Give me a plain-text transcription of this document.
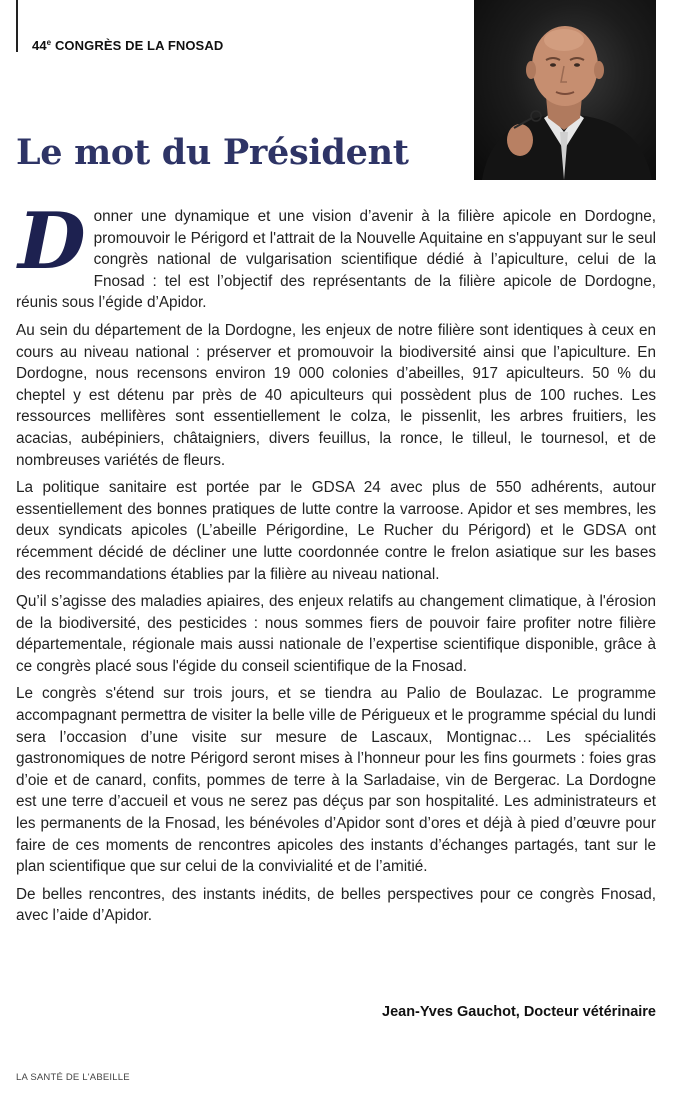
44e CONGRÈS DE LA FNOSAD
Le mot du Président

Donner une dynamique et une vision d’avenir à la filière apicole en Dordogne, promouvoir le Périgord et l'attrait de la Nouvelle Aquitaine en s'appuyant sur le seul congrès national de vulgarisation scientifique dédié à l’apiculture, celui de la Fnosad : tel est l’objectif des représentants de la filière apicole de Dordogne, réunis sous l’égide d’Apidor.

Au sein du département de la Dordogne, les enjeux de notre filière sont identiques à ceux en cours au niveau national : préserver et promouvoir la biodiversité ainsi que l’apiculture. En Dordogne, nous recensons environ 19 000 colonies d’abeilles, 917 apiculteurs. 50 % du cheptel y est détenu par près de 40 apiculteurs qui possèdent plus de 100 ruches. Les ressources mellifères sont essentiellement le colza, le pissenlit, les arbres fruitiers, les acacias, aubépiniers, châtaigniers, divers feuillus, la ronce, le tilleul, le tournesol, et de nombreuses variétés de fleurs.

La politique sanitaire est portée par le GDSA 24 avec plus de 550 adhérents, autour essentiellement des bonnes pratiques de lutte contre la varroose. Apidor et ses membres, les deux syndicats apicoles (L’abeille Périgordine, Le Rucher du Périgord) et le GDSA ont récemment décidé de décliner une lutte coordonnée contre le frelon asiatique sur les bases des recommandations établies par la filière au niveau national.

Qu’il s’agisse des maladies apiaires, des enjeux relatifs au changement climatique, à l'érosion de la biodiversité, des pesticides : nous sommes fiers de pouvoir faire profiter notre filière départementale, régionale mais aussi nationale de l’expertise scientifique disponible, grâce à ce congrès placé sous l'égide du conseil scientifique de la Fnosad.

Le congrès s'étend sur trois jours, et se tiendra au Palio de Boulazac. Le programme accompagnant permettra de visiter la belle ville de Périgueux et le programme spécial du lundi sera l’occasion d’une visite sur mesure de Lascaux, Montignac… Les spécialités gastronomiques de notre Périgord seront mises à l’honneur pour les fins gourmets : foies gras d’oie et de canard, confits, pommes de terre à la Sarladaise, vin de Bergerac. La Dordogne est une terre d’accueil et vous ne serez pas déçus par son hospitalité. Les administrateurs et les permanents de la Fnosad, les bénévoles d’Apidor sont d’ores et déjà à pied d’œuvre pour faire de ces moments de rencontres apicoles des instants d’échanges partagés, tant sur le plan scientifique que sur celui de la convivialité et de l’amitié.

De belles rencontres, des instants inédits, de belles perspectives pour ce congrès Fnosad, avec l’aide d’Apidor.

Jean-Yves Gauchot, Docteur vétérinaire
LA SANTÉ DE L'ABEILLE
